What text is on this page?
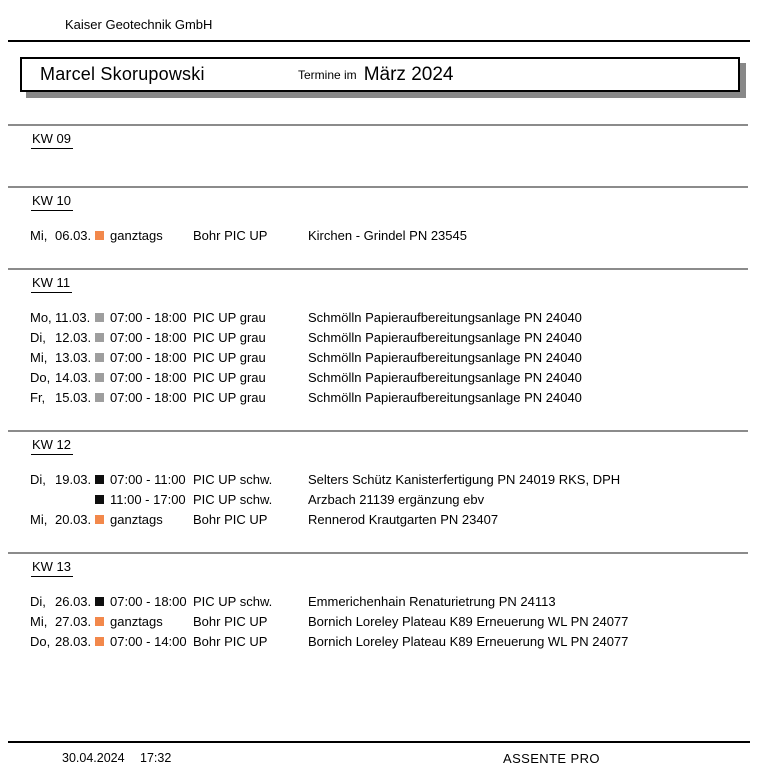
Kaiser Geotechnik GmbH
Marcel Skorupowski	Termine im März 2024
KW 09
KW 10
Mi, 06.03. ganztags Bohr PIC UP	Kirchen - Grindel PN 23545
KW 11
Mo, 11.03. 07:00 - 18:00 PIC UP grau	Schmölln Papieraufbereitungsanlage PN 24040
Di, 12.03. 07:00 - 18:00 PIC UP grau	Schmölln Papieraufbereitungsanlage PN 24040
Mi, 13.03. 07:00 - 18:00 PIC UP grau	Schmölln Papieraufbereitungsanlage PN 24040
Do, 14.03. 07:00 - 18:00 PIC UP grau	Schmölln Papieraufbereitungsanlage PN 24040
Fr, 15.03. 07:00 - 18:00 PIC UP grau	Schmölln Papieraufbereitungsanlage PN 24040
KW 12
Di, 19.03. 07:00 - 11:00 PIC UP schw.	Selters Schütz Kanisterfertigung PN 24019 RKS, DPH
11:00 - 17:00 PIC UP schw.	Arzbach 21139 ergänzung ebv
Mi, 20.03. ganztags Bohr PIC UP	Rennerod Krautgarten PN 23407
KW 13
Di, 26.03. 07:00 - 18:00 PIC UP schw.	Emmerichenhain Renaturietrung PN 24113
Mi, 27.03. ganztags Bohr PIC UP	Bornich Loreley Plateau K89 Erneuerung WL PN 24077
Do, 28.03. 07:00 - 14:00 Bohr PIC UP	Bornich Loreley Plateau K89 Erneuerung WL PN 24077
30.04.2024 17:32	ASSENTE PRO
